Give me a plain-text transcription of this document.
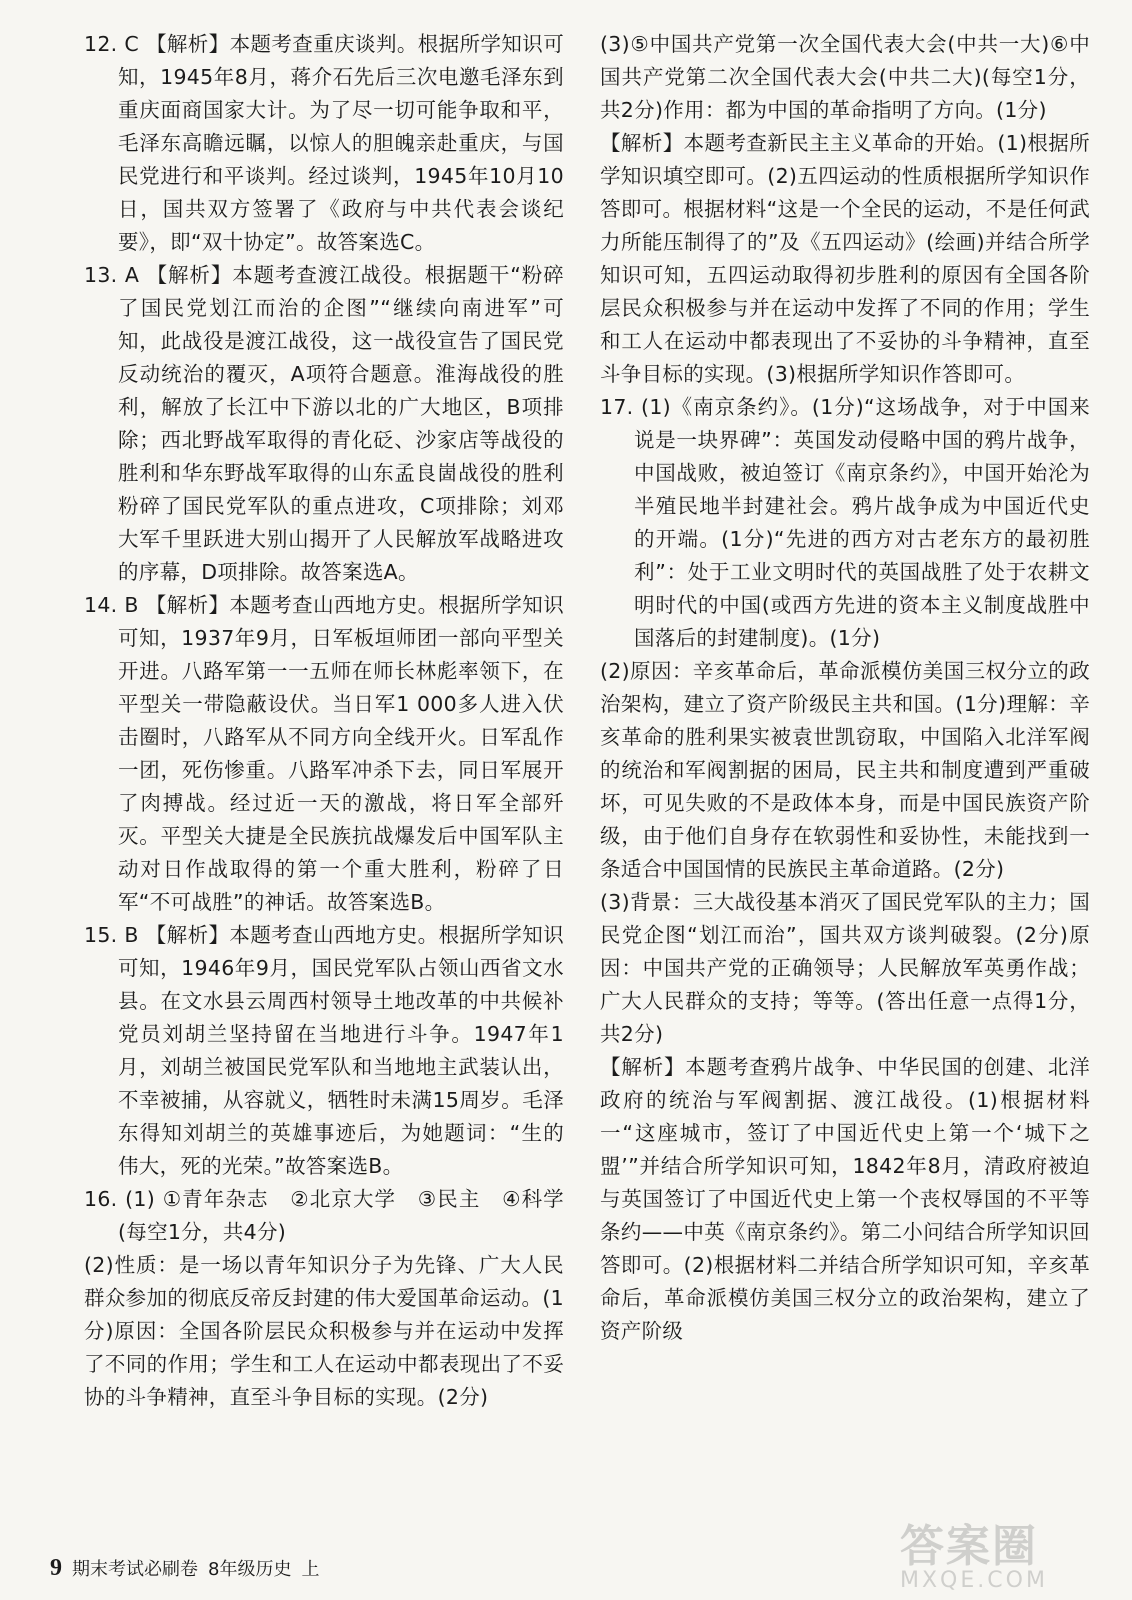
12. C 【解析】本题考查重庆谈判。根据所学知识可知，1945年8月，蒋介石先后三次电邀毛泽东到重庆面商国家大计。为了尽一切可能争取和平，毛泽东高瞻远瞩，以惊人的胆魄亲赴重庆，与国民党进行和平谈判。经过谈判，1945年10月10日，国共双方签署了《政府与中共代表会谈纪要》，即“双十协定”。故答案选C。

13. A 【解析】本题考查渡江战役。根据题干“粉碎了国民党划江而治的企图”“继续向南进军”可知，此战役是渡江战役，这一战役宣告了国民党反动统治的覆灭，A项符合题意。淮海战役的胜利，解放了长江中下游以北的广大地区，B项排除；西北野战军取得的青化砭、沙家店等战役的胜利和华东野战军取得的山东孟良崮战役的胜利粉碎了国民党军队的重点进攻，C项排除；刘邓大军千里跃进大别山揭开了人民解放军战略进攻的序幕，D项排除。故答案选A。

14. B 【解析】本题考查山西地方史。根据所学知识可知，1937年9月，日军板垣师团一部向平型关开进。八路军第一一五师在师长林彪率领下，在平型关一带隐蔽设伏。当日军1 000多人进入伏击圈时，八路军从不同方向全线开火。日军乱作一团，死伤惨重。八路军冲杀下去，同日军展开了肉搏战。经过近一天的激战，将日军全部歼灭。平型关大捷是全民族抗战爆发后中国军队主动对日作战取得的第一个重大胜利，粉碎了日军“不可战胜”的神话。故答案选B。

15. B 【解析】本题考查山西地方史。根据所学知识可知，1946年9月，国民党军队占领山西省文水县。在文水县云周西村领导土地改革的中共候补党员刘胡兰坚持留在当地进行斗争。1947年1月，刘胡兰被国民党军队和当地地主武装认出，不幸被捕，从容就义，牺牲时未满15周岁。毛泽东得知刘胡兰的英雄事迹后，为她题词：“生的伟大，死的光荣。”故答案选B。

16. (1) ①青年杂志　②北京大学　③民主　④科学(每空1分，共4分)

(2)性质：是一场以青年知识分子为先锋、广大人民群众参加的彻底反帝反封建的伟大爱国革命运动。(1分)原因：全国各阶层民众积极参与并在运动中发挥了不同的作用；学生和工人在运动中都表现出了不妥协的斗争精神，直至斗争目标的实现。(2分)

(3)⑤中国共产党第一次全国代表大会(中共一大)⑥中国共产党第二次全国代表大会(中共二大)(每空1分，共2分)作用：都为中国的革命指明了方向。(1分)

【解析】本题考查新民主主义革命的开始。(1)根据所学知识填空即可。(2)五四运动的性质根据所学知识作答即可。根据材料“这是一个全民的运动，不是任何武力所能压制得了的”及《五四运动》(绘画)并结合所学知识可知，五四运动取得初步胜利的原因有全国各阶层民众积极参与并在运动中发挥了不同的作用；学生和工人在运动中都表现出了不妥协的斗争精神，直至斗争目标的实现。(3)根据所学知识作答即可。

17. (1)《南京条约》。(1分)“这场战争，对于中国来说是一块界碑”：英国发动侵略中国的鸦片战争，中国战败，被迫签订《南京条约》，中国开始沦为半殖民地半封建社会。鸦片战争成为中国近代史的开端。(1分)“先进的西方对古老东方的最初胜利”：处于工业文明时代的英国战胜了处于农耕文明时代的中国(或西方先进的资本主义制度战胜中国落后的封建制度)。(1分)

(2)原因：辛亥革命后，革命派模仿美国三权分立的政治架构，建立了资产阶级民主共和国。(1分)理解：辛亥革命的胜利果实被袁世凯窃取，中国陷入北洋军阀的统治和军阀割据的困局，民主共和制度遭到严重破坏，可见失败的不是政体本身，而是中国民族资产阶级，由于他们自身存在软弱性和妥协性，未能找到一条适合中国国情的民族民主革命道路。(2分)

(3)背景：三大战役基本消灭了国民党军队的主力；国民党企图“划江而治”，国共双方谈判破裂。(2分)原因：中国共产党的正确领导；人民解放军英勇作战；广大人民群众的支持；等等。(答出任意一点得1分，共2分)

【解析】本题考查鸦片战争、中华民国的创建、北洋政府的统治与军阀割据、渡江战役。(1)根据材料一“这座城市，签订了中国近代史上第一个‘城下之盟’”并结合所学知识可知，1842年8月，清政府被迫与英国签订了中国近代史上第一个丧权辱国的不平等条约——中英《南京条约》。第二小问结合所学知识回答即可。(2)根据材料二并结合所学知识可知，辛亥革命后，革命派模仿美国三权分立的政治架构，建立了资产阶级

9 期末考试必刷卷 8年级历史 上	答案圈
MXQE.COM
